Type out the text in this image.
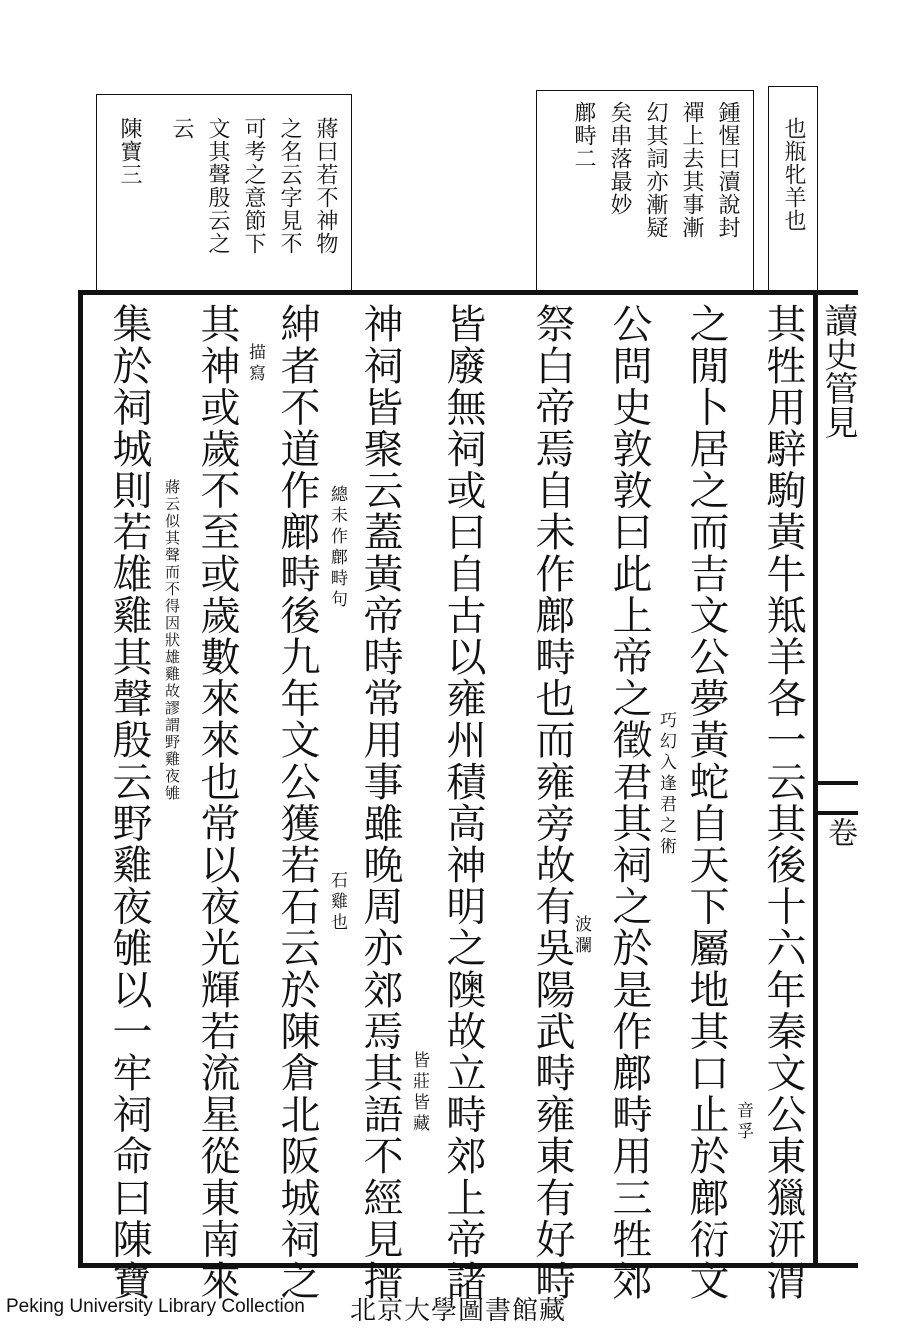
也瓶牝羊也
鍾惺曰瀆說封
禪上去其事漸
幻其詞亦漸疑
矣串落最妙
鄜畤二
蔣曰若不神物
之名云字見不
可考之意節下
文其聲殷云之
云
陳寶三
其牲用騂駒黃牛羝羊各一云其後十六年秦文公東獵汧渭
之閒卜居之而吉文公夢黃蛇自天下屬地其口止於鄜衍文
公問史敦敦曰此上帝之徵君其祠之於是作鄜畤用三牲郊
祭白帝焉自未作鄜畤也而雍旁故有吳陽武畤雍東有好畤
皆廢無祠或曰自古以雍州積高神明之隩故立畤郊上帝諸
神祠皆聚云蓋黃帝時常用事雖晚周亦郊焉其語不經見搢
紳者不道作鄜畤後九年文公獲若石云於陳倉北阪城祠之
其神或歲不至或歲數來來也常以夜光輝若流星從東南來
集於祠城則若雄雞其聲殷云野雞夜雊以一牢祠命曰陳寶	音孚
巧幻入逢君之術
波瀾
皆莊皆藏
石雞也
總未作鄜畤句
描寫
蔣云似其聲而不得因狀雄雞故謬謂野雞夜雊
讀史管見
卷
Peking University Library Collection 北京大學圖書館藏
